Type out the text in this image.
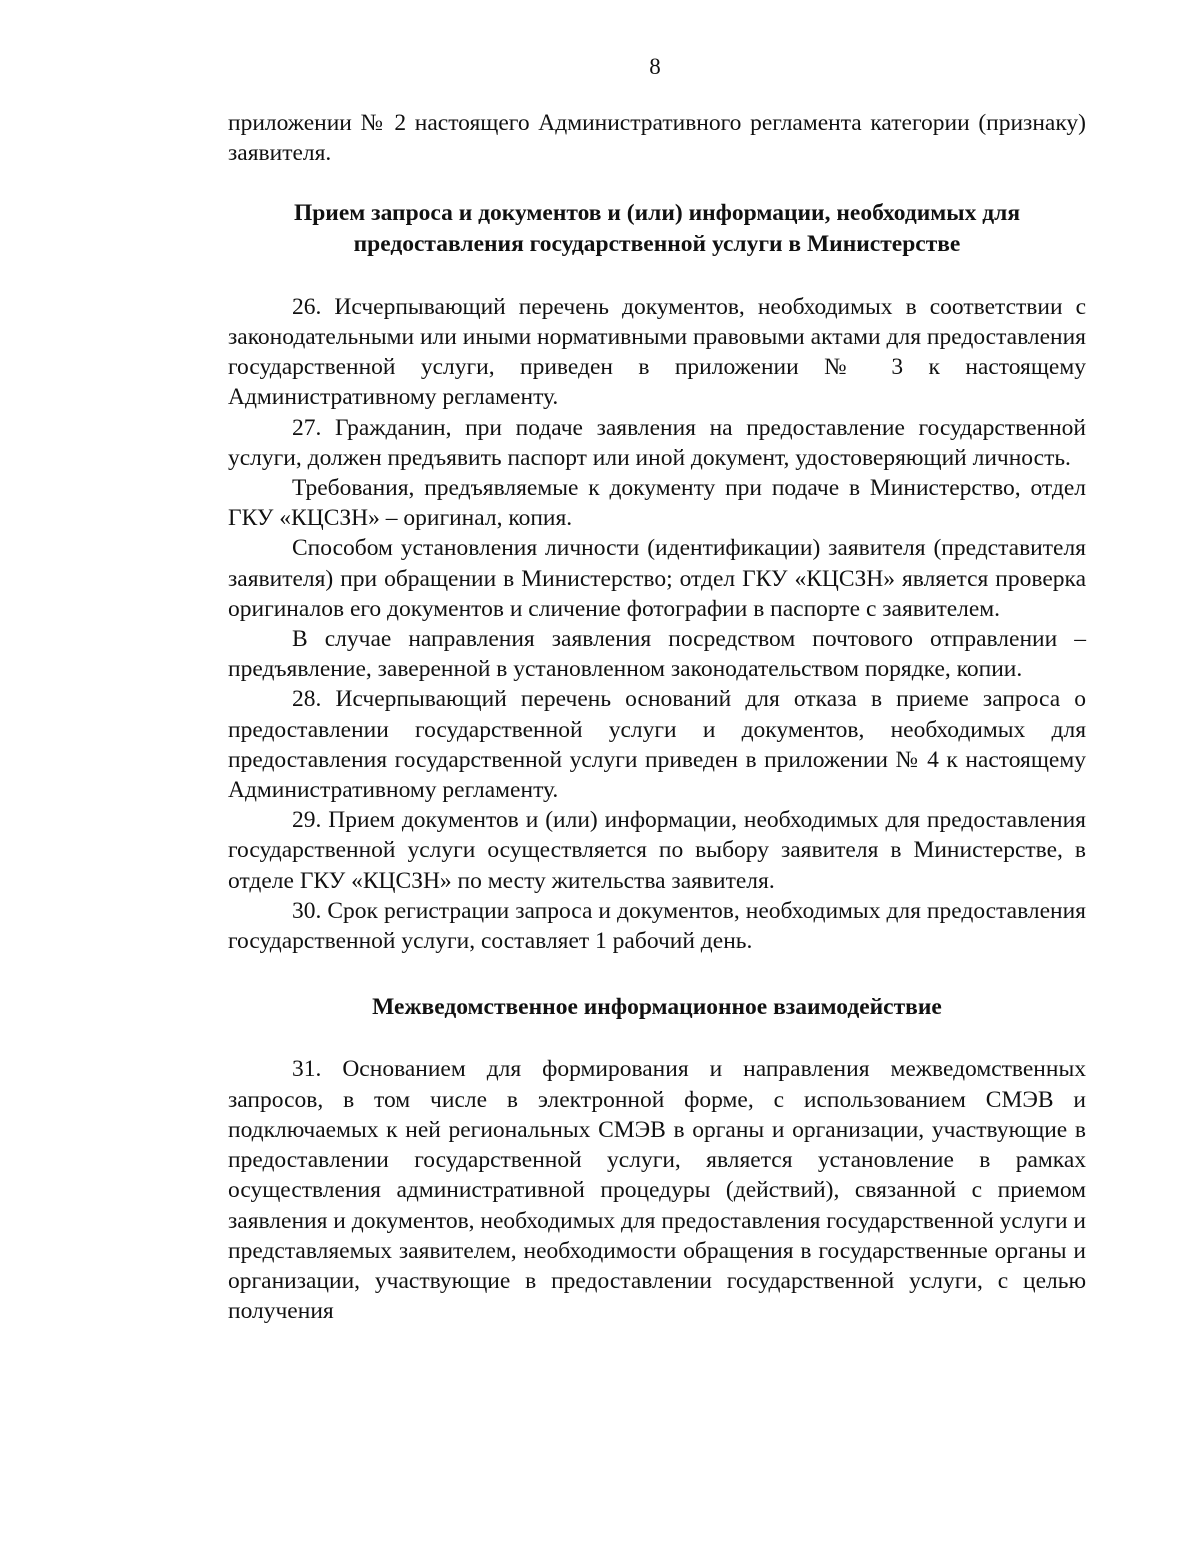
8

приложении № 2 настоящего Административного регламента категории (признаку) заявителя.

Прием запроса и документов и (или) информации, необходимых для предоставления государственной услуги в Министерстве

26. Исчерпывающий перечень документов, необходимых в соответствии с законодательными или иными нормативными правовыми актами для предоставления государственной услуги, приведен в приложении № 3 к настоящему Административному регламенту.

27. Гражданин, при подаче заявления на предоставление государственной услуги, должен предъявить паспорт или иной документ, удостоверяющий личность.

Требования, предъявляемые к документу при подаче в Министерство, отдел ГКУ «КЦСЗН» – оригинал, копия.

Способом установления личности (идентификации) заявителя (представителя заявителя) при обращении в Министерство; отдел ГКУ «КЦСЗН» является проверка оригиналов его документов и сличение фотографии в паспорте с заявителем.

В случае направления заявления посредством почтового отправлении – предъявление, заверенной в установленном законодательством порядке, копии.

28. Исчерпывающий перечень оснований для отказа в приеме запроса о предоставлении государственной услуги и документов, необходимых для предоставления государственной услуги приведен в приложении № 4 к настоящему Административному регламенту.

29. Прием документов и (или) информации, необходимых для предоставления государственной услуги осуществляется по выбору заявителя в Министерстве, в отделе ГКУ «КЦСЗН» по месту жительства заявителя.

30. Срок регистрации запроса и документов, необходимых для предоставления государственной услуги, составляет 1 рабочий день.

Межведомственное информационное взаимодействие

31. Основанием для формирования и направления межведомственных запросов, в том числе в электронной форме, с использованием СМЭВ и подключаемых к ней региональных СМЭВ в органы и организации, участвующие в предоставлении государственной услуги, является установление в рамках осуществления административной процедуры (действий), связанной с приемом заявления и документов, необходимых для предоставления государственной услуги и представляемых заявителем, необходимости обращения в государственные органы и организации, участвующие в предоставлении государственной услуги, с целью получения
